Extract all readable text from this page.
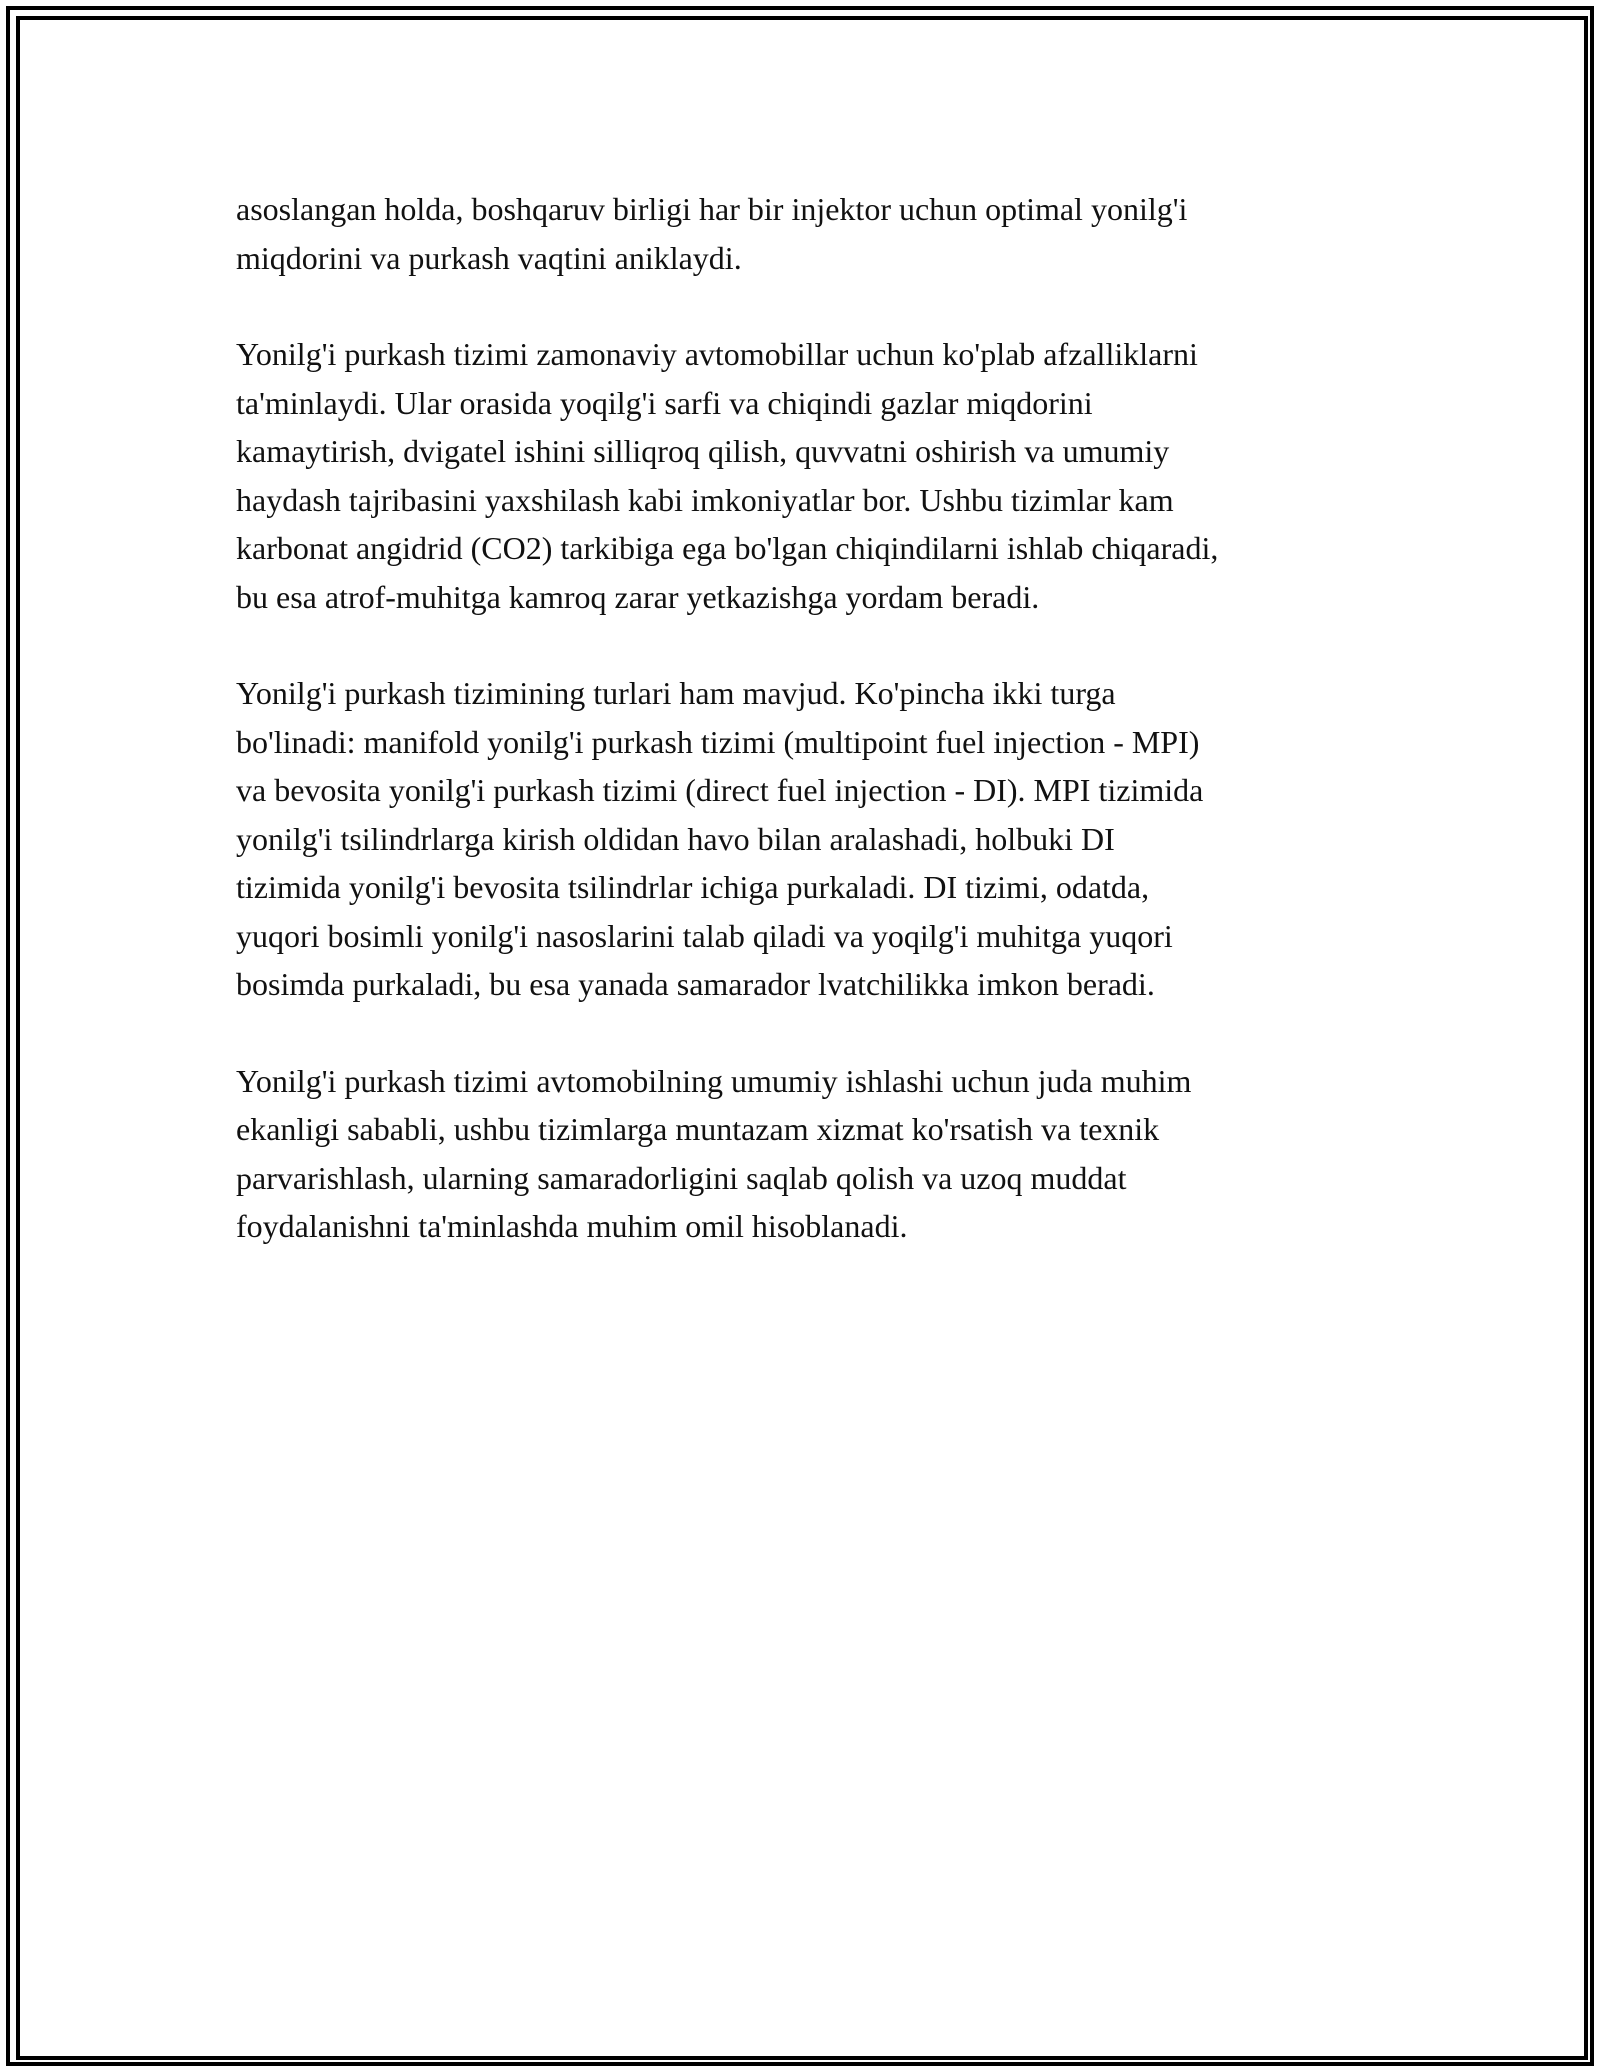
asoslangan holda, boshqaruv birligi har bir injektor uchun optimal yonilg'i
miqdorini va purkash vaqtini aniklaydi.

Yonilg'i purkash tizimi zamonaviy avtomobillar uchun ko'plab afzalliklarni
ta'minlaydi. Ular orasida yoqilg'i sarfi va chiqindi gazlar miqdorini
kamaytirish, dvigatel ishini silliqroq qilish, quvvatni oshirish va umumiy
haydash tajribasini yaxshilash kabi imkoniyatlar bor. Ushbu tizimlar kam
karbonat angidrid (CO2) tarkibiga ega bo'lgan chiqindilarni ishlab chiqaradi,
bu esa atrof-muhitga kamroq zarar yetkazishga yordam beradi.

Yonilg'i purkash tizimining turlari ham mavjud. Ko'pincha ikki turga
bo'linadi: manifold yonilg'i purkash tizimi (multipoint fuel injection - MPI)
va bevosita yonilg'i purkash tizimi (direct fuel injection - DI). MPI tizimida
yonilg'i tsilindrlarga kirish oldidan havo bilan aralashadi, holbuki DI
tizimida yonilg'i bevosita tsilindrlar ichiga purkaladi. DI tizimi, odatda,
yuqori bosimli yonilg'i nasoslarini talab qiladi va yoqilg'i muhitga yuqori
bosimda purkaladi, bu esa yanada samarador lvatchilikka imkon beradi.

Yonilg'i purkash tizimi avtomobilning umumiy ishlashi uchun juda muhim
ekanligi sababli, ushbu tizimlarga muntazam xizmat ko'rsatish va texnik
parvarishlash, ularning samaradorligini saqlab qolish va uzoq muddat
foydalanishni ta'minlashda muhim omil hisoblanadi.
